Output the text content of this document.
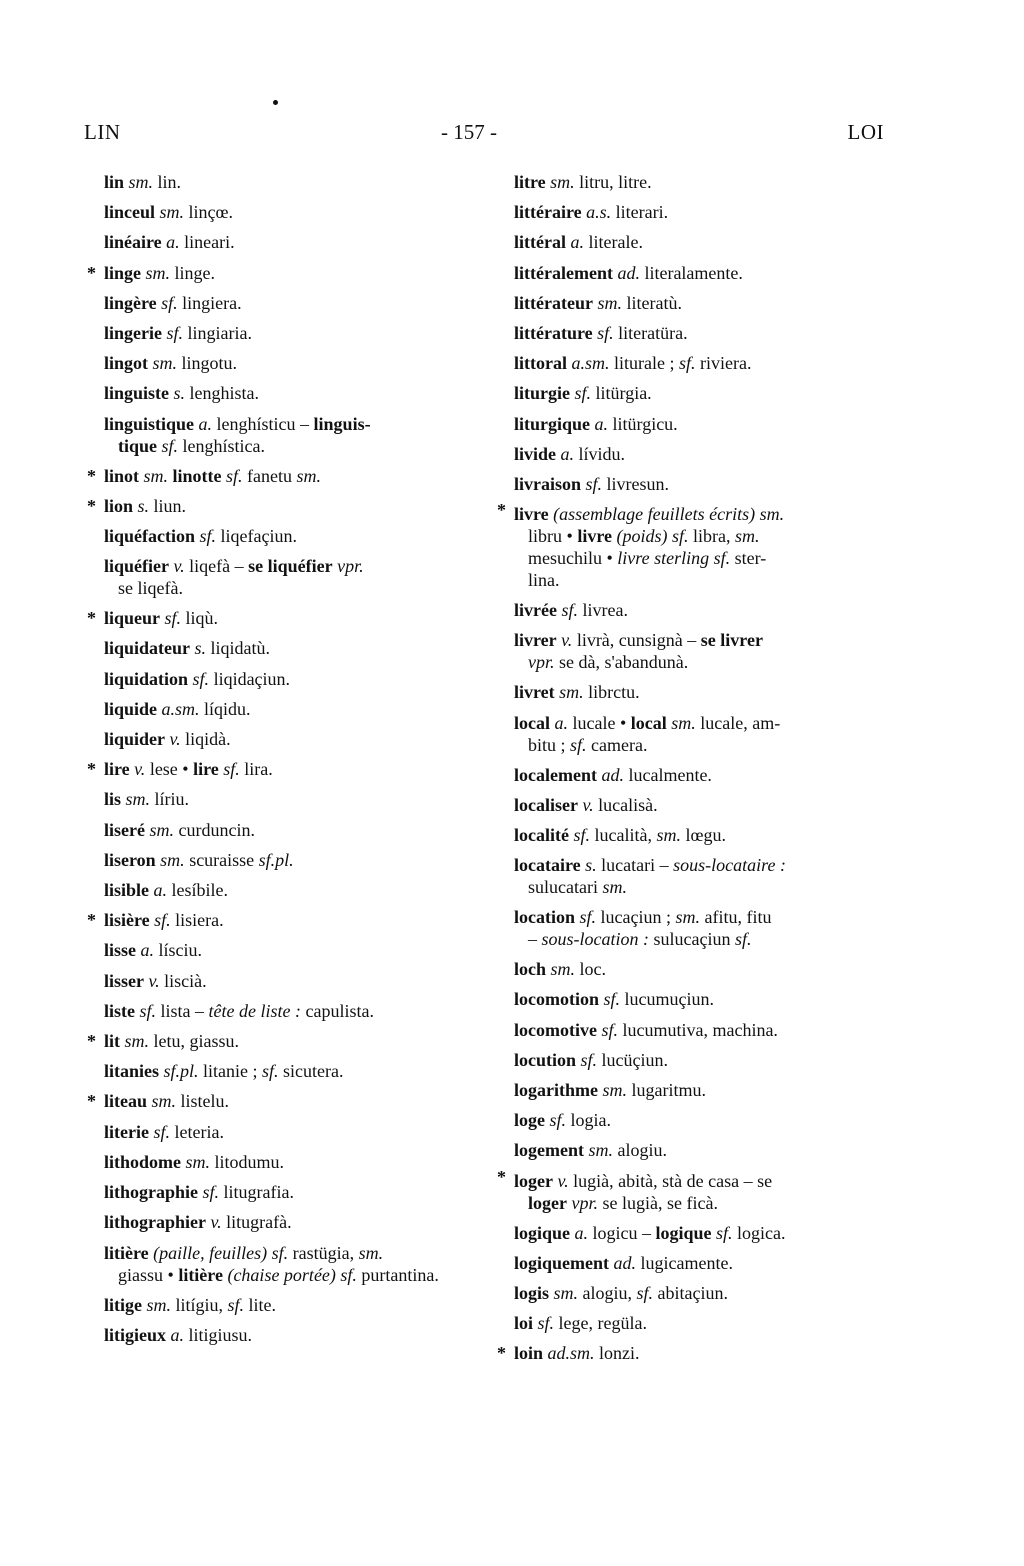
LIN	- 157 -	LOI
lin sm. lin.
linceul sm. linçœ.
linéaire a. lineari.
* linge sm. linge.
lingère sf. lingiera.
lingerie sf. lingiaria.
lingot sm. lingotu.
linguiste s. lenghista.
linguistique a. lenghísticu – linguis-
tique sf. lenghística.
* linot sm. linotte sf. fanetu sm.
* lion s. liun.
liquéfaction sf. liqefaçiun.
liquéfier v. liqefà – se liquéfier vpr.
se liqefà.
* liqueur sf. liqù.
liquidateur s. liqidatù.
liquidation sf. liqidaçiun.
liquide a.sm. líqidu.
liquider v. liqidà.
* lire v. lese • lire sf. lira.
lis sm. líriu.
liseré sm. curduncin.
liseron sm. scuraisse sf.pl.
lisible a. lesíbile.
* lisière sf. lisiera.
lisse a. lísciu.
lisser v. liscià.
liste sf. lista – tête de liste : capulista.
* lit sm. letu, giassu.
litanies sf.pl. litanie ; sf. sicutera.
* liteau sm. listelu.
literie sf. leteria.
lithodome sm. litodumu.
lithographie sf. litugrafia.
lithographier v. litugrafà.
litière (paille, feuilles) sf. rastügia, sm.
giassu • litière (chaise portée) sf. purtantina.
litige sm. litígiu, sf. lite.
litigieux a. litigiusu.
litre sm. litru, litre.
littéraire a.s. literari.
littéral a. literale.
littéralement ad. literalamente.
littérateur sm. literatù.
littérature sf. literatüra.
littoral a.sm. liturale ; sf. riviera.
liturgie sf. litürgia.
liturgique a. litürgicu.
livide a. lívidu.
livraison sf. livresun.
* livre (assemblage feuillets écrits) sm.
libru • livre (poids) sf. libra, sm.
mesuchilu • livre sterling sf. ster-
lina.
livrée sf. livrea.
livrer v. livrà, cunsignà – se livrer
vpr. se dà, s'abandunà.
livret sm. librctu.
local a. lucale • local sm. lucale, am-
bitu ; sf. camera.
localement ad. lucalmente.
localiser v. lucalisà.
localité sf. lucalità, sm. lœgu.
locataire s. lucatari – sous-locataire :
sulucatari sm.
location sf. lucaçiun ; sm. afitu, fitu
– sous-location : sulucaçiun sf.
loch sm. loc.
locomotion sf. lucumuçiun.
locomotive sf. lucumutiva, machina.
locution sf. lucüçiun.
logarithme sm. lugaritmu.
loge sf. logia.
logement sm. alogiu.
* loger v. lugià, abità, stà de casa – se
loger vpr. se lugià, se ficà.
logique a. logicu – logique sf. logica.
logiquement ad. lugicamente.
logis sm. alogiu, sf. abitaçiun.
loi sf. lege, regüla.
* loin ad.sm. lonzi.
